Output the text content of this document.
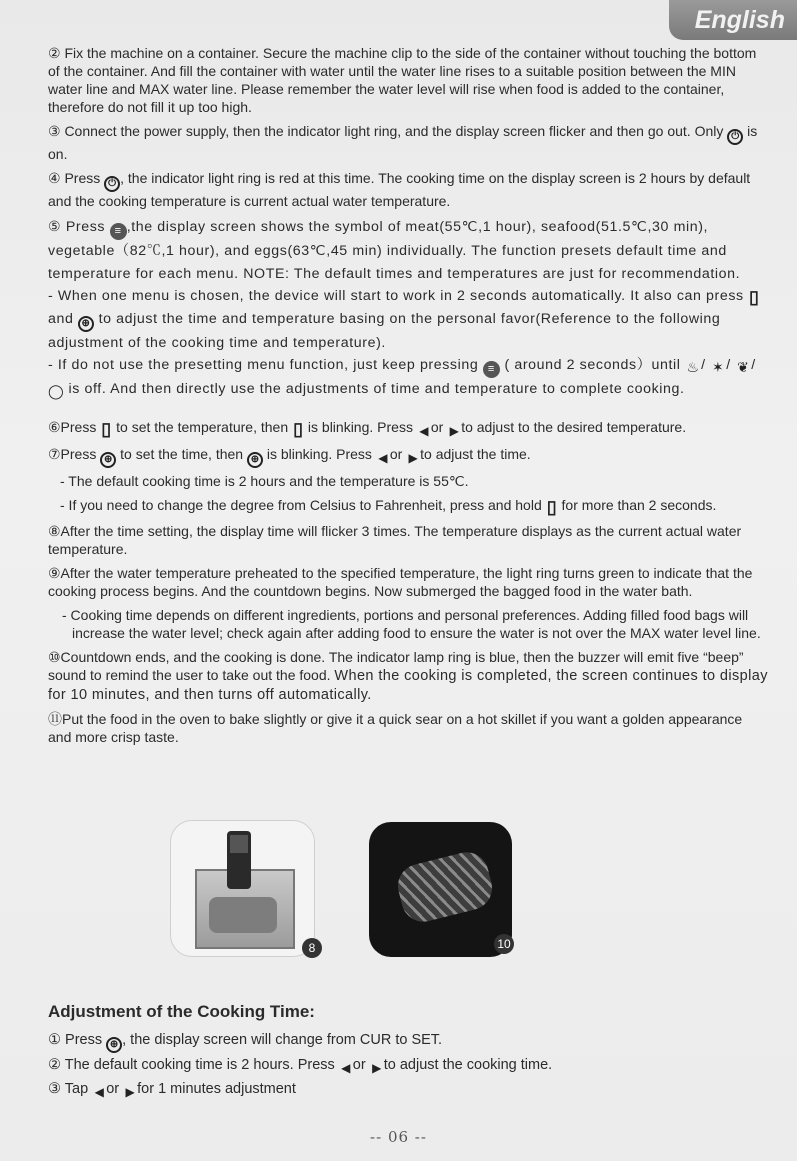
English

② Fix the machine on a container. Secure the machine clip to the side of the container without touching the bottom of the container. And fill the container with water until the water line rises to a suitable position between the MIN water line and MAX water line. Please remember the water level will rise when food is added to the container, therefore do not fill it up too high.

③ Connect the power supply, then the indicator light ring, and the display screen flicker and then go out. Only ⏻ is on.

④ Press ⏻ , the indicator light ring is red at this time. The cooking time on the display screen is 2 hours by default and the cooking temperature is current actual water temperature.

⑤ Press ≡ ,the display screen shows the symbol of meat(55℃,1 hour), seafood(51.5℃,30 min), vegetable（82℃,1 hour), and eggs(63℃,45 min) individually. The function presets default time and temperature for each menu. NOTE: The default times and temperatures are just for recommendation.

- When one menu is chosen, the device will start to work in 2 seconds automatically. It also can press ▯ and ⊕ to adjust the time and temperature basing on the personal favor(Reference to the following adjustment of the cooking time and temperature).

- If do not use the presetting menu function, just keep pressing ≡ ( around 2 seconds）until ♨/ ✶ / ❦ / ◯ is off. And then directly use the adjustments of time and temperature to complete cooking.

⑥Press ▯ to set the temperature, then ▯ is blinking. Press ◀ or ▶ to adjust to the desired temperature.

⑦Press ⊕ to set the time, then ⊕ is blinking. Press ◀ or ▶ to adjust the time.

- The default cooking time is 2 hours and the temperature is 55℃.

- If you need to change the degree from Celsius to Fahrenheit, press and hold ▯ for more than 2 seconds.

⑧After the time setting, the display time will flicker 3 times. The temperature displays as the current actual water temperature.

⑨After the water temperature preheated to the specified temperature, the light ring turns green to indicate that the cooking process begins. And the countdown begins. Now submerged the bagged food in the water bath.

- Cooking time depends on different ingredients, portions and personal preferences. Adding filled food bags will increase the water level; check again after adding food to ensure the water is not over the MAX water level line.

⑩Countdown ends, and the cooking is done. The indicator lamp ring is blue, then the buzzer will emit five “beep” sound to remind the user to take out the food. When the cooking is completed, the screen continues to display for 10 minutes, and then turns off automatically.

⑪Put the food in the oven to bake slightly or give it a quick sear on a hot skillet if you want a golden appearance and more crisp taste.

8	10
Adjustment of the Cooking Time:

① Press ⊕ , the display screen will change from CUR to SET.

② The default cooking time is 2 hours. Press ◀ or ▶ to adjust the cooking time.

③ Tap ◀ or ▶ for 1 minutes adjustment

-- 06 --
